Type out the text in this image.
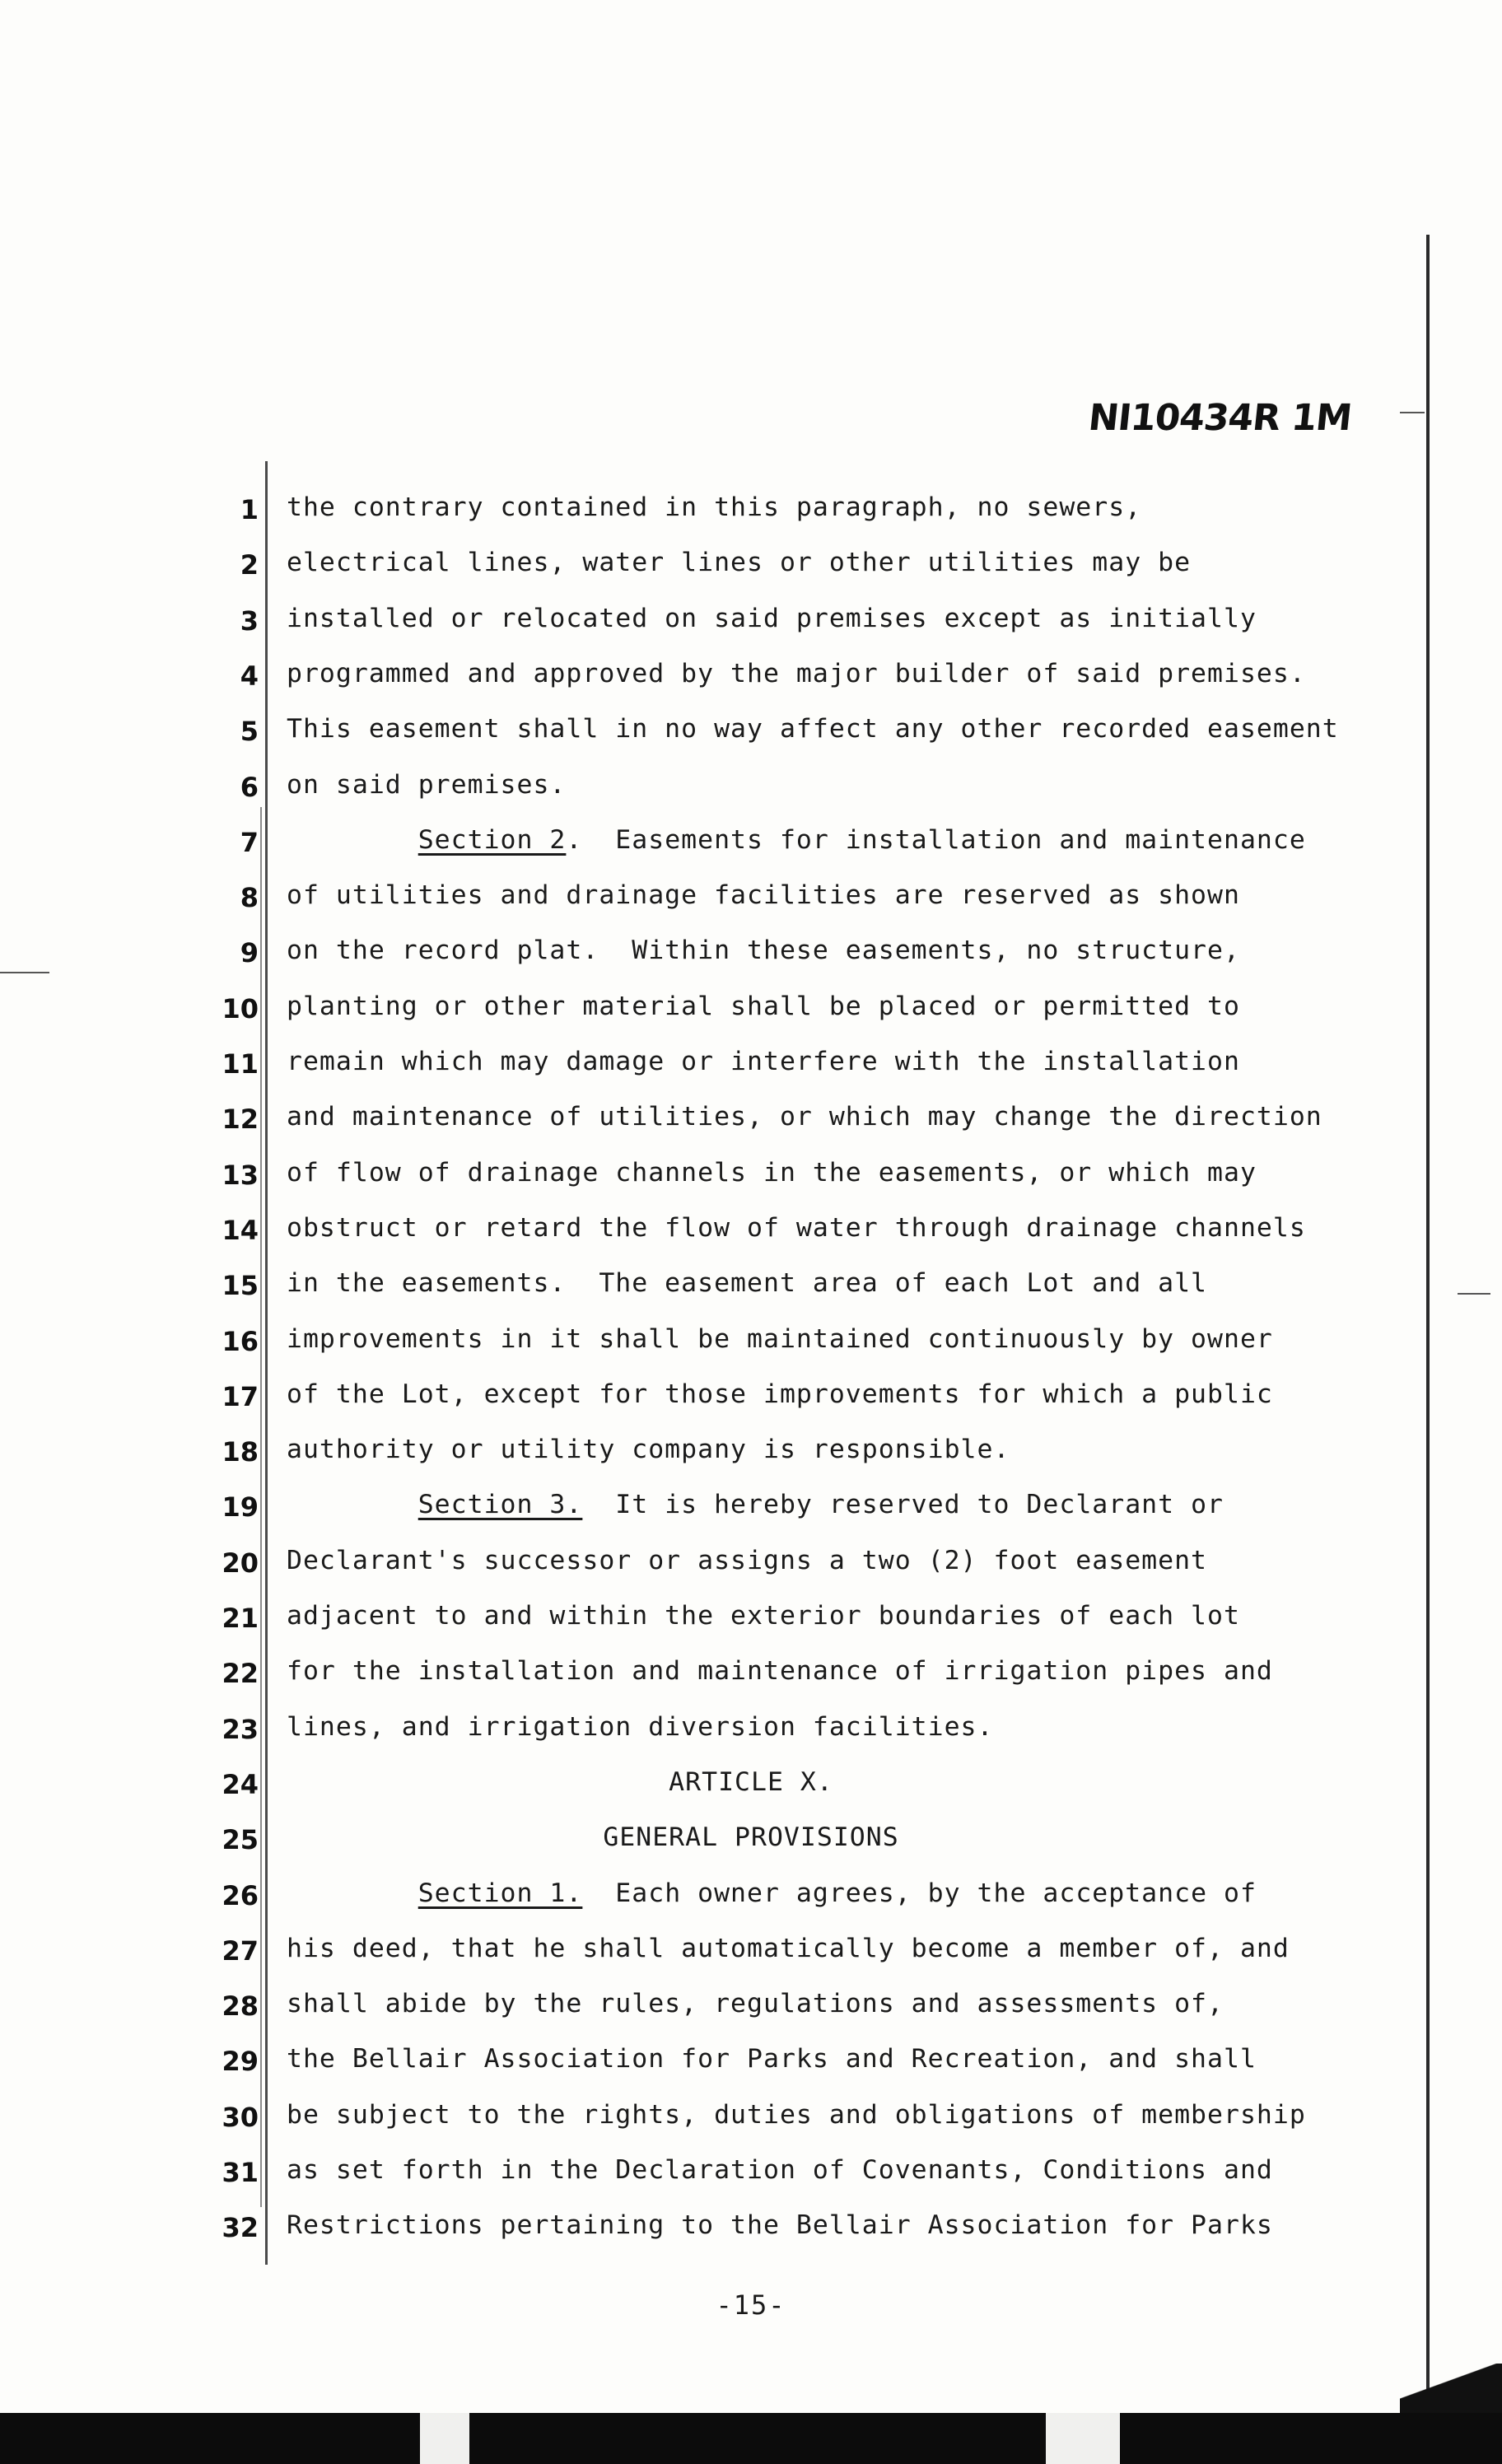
NI10434R 1M
1 the contrary contained in this paragraph, no sewers,
2 electrical lines, water lines or other utilities may be
3 installed or relocated on said premises except as initially
4 programmed and approved by the major builder of said premises.
5 This easement shall in no way affect any other recorded easement
6 on said premises.
7	Section 2.  Easements for installation and maintenance
8 of utilities and drainage facilities are reserved as shown
9 on the record plat.  Within these easements, no structure,
10 planting or other material shall be placed or permitted to
11 remain which may damage or interfere with the installation
12 and maintenance of utilities, or which may change the direction
13 of flow of drainage channels in the easements, or which may
14 obstruct or retard the flow of water through drainage channels
15 in the easements.  The easement area of each Lot and all
16 improvements in it shall be maintained continuously by owner
17 of the Lot, except for those improvements for which a public
18 authority or utility company is responsible.
19	Section 3.  It is hereby reserved to Declarant or
20 Declarant's successor or assigns a two (2) foot easement
21 adjacent to and within the exterior boundaries of each lot
22 for the installation and maintenance of irrigation pipes and
23 lines, and irrigation diversion facilities.
24	ARTICLE X.
25	GENERAL PROVISIONS
26	Section 1.  Each owner agrees, by the acceptance of
27 his deed, that he shall automatically become a member of, and
28 shall abide by the rules, regulations and assessments of,
29 the Bellair Association for Parks and Recreation, and shall
30 be subject to the rights, duties and obligations of membership
31 as set forth in the Declaration of Covenants, Conditions and
32 Restrictions pertaining to the Bellair Association for Parks
-15-
